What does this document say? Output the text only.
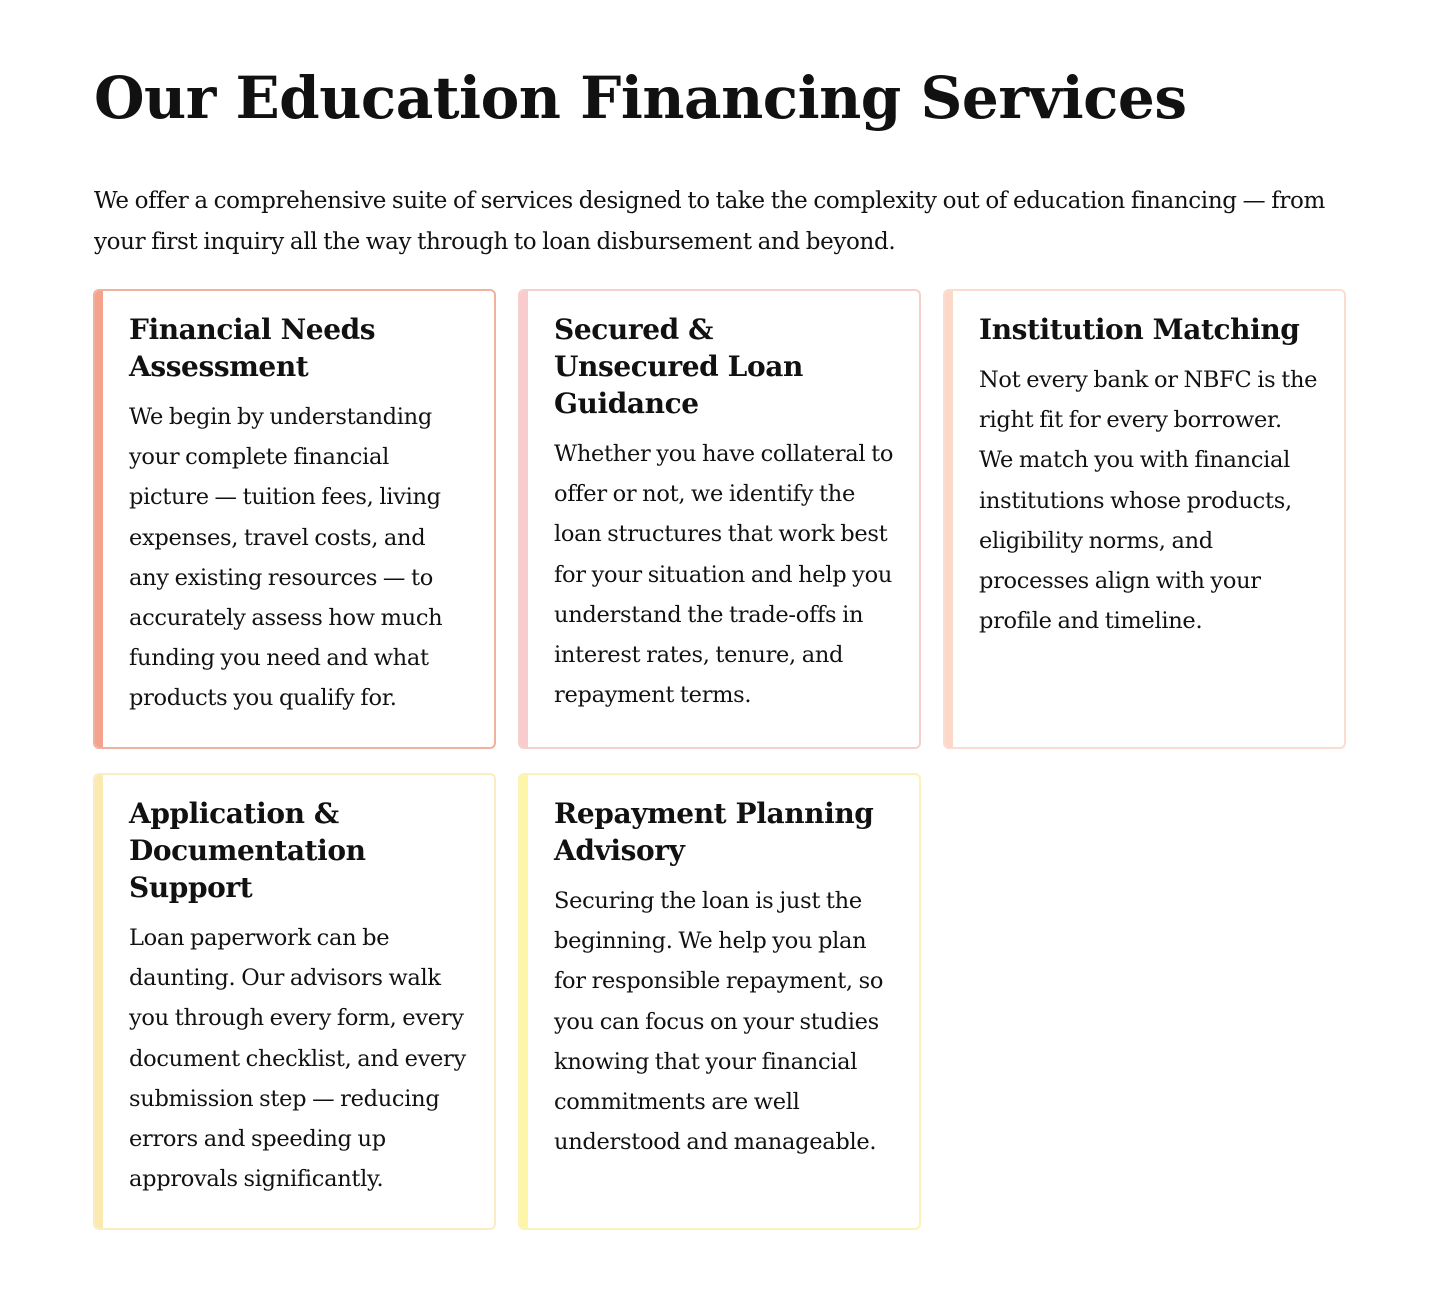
Our Education Financing Services

We offer a comprehensive suite of services designed to take the complexity out of education financing — from your first inquiry all the way through to loan disbursement and beyond.

Financial Needs Assessment

We begin by understanding your complete financial picture — tuition fees, living expenses, travel costs, and any existing resources — to accurately assess how much funding you need and what products you qualify for.

Secured & Unsecured Loan Guidance

Whether you have collateral to offer or not, we identify the loan structures that work best for your situation and help you understand the trade-offs in interest rates, tenure, and repayment terms.

Institution Matching

Not every bank or NBFC is the right fit for every borrower. We match you with financial institutions whose products, eligibility norms, and processes align with your profile and timeline.

Application & Documentation Support

Loan paperwork can be daunting. Our advisors walk you through every form, every document checklist, and every submission step — reducing errors and speeding up approvals significantly.

Repayment Planning Advisory

Securing the loan is just the beginning. We help you plan for responsible repayment, so you can focus on your studies knowing that your financial commitments are well understood and manageable.
